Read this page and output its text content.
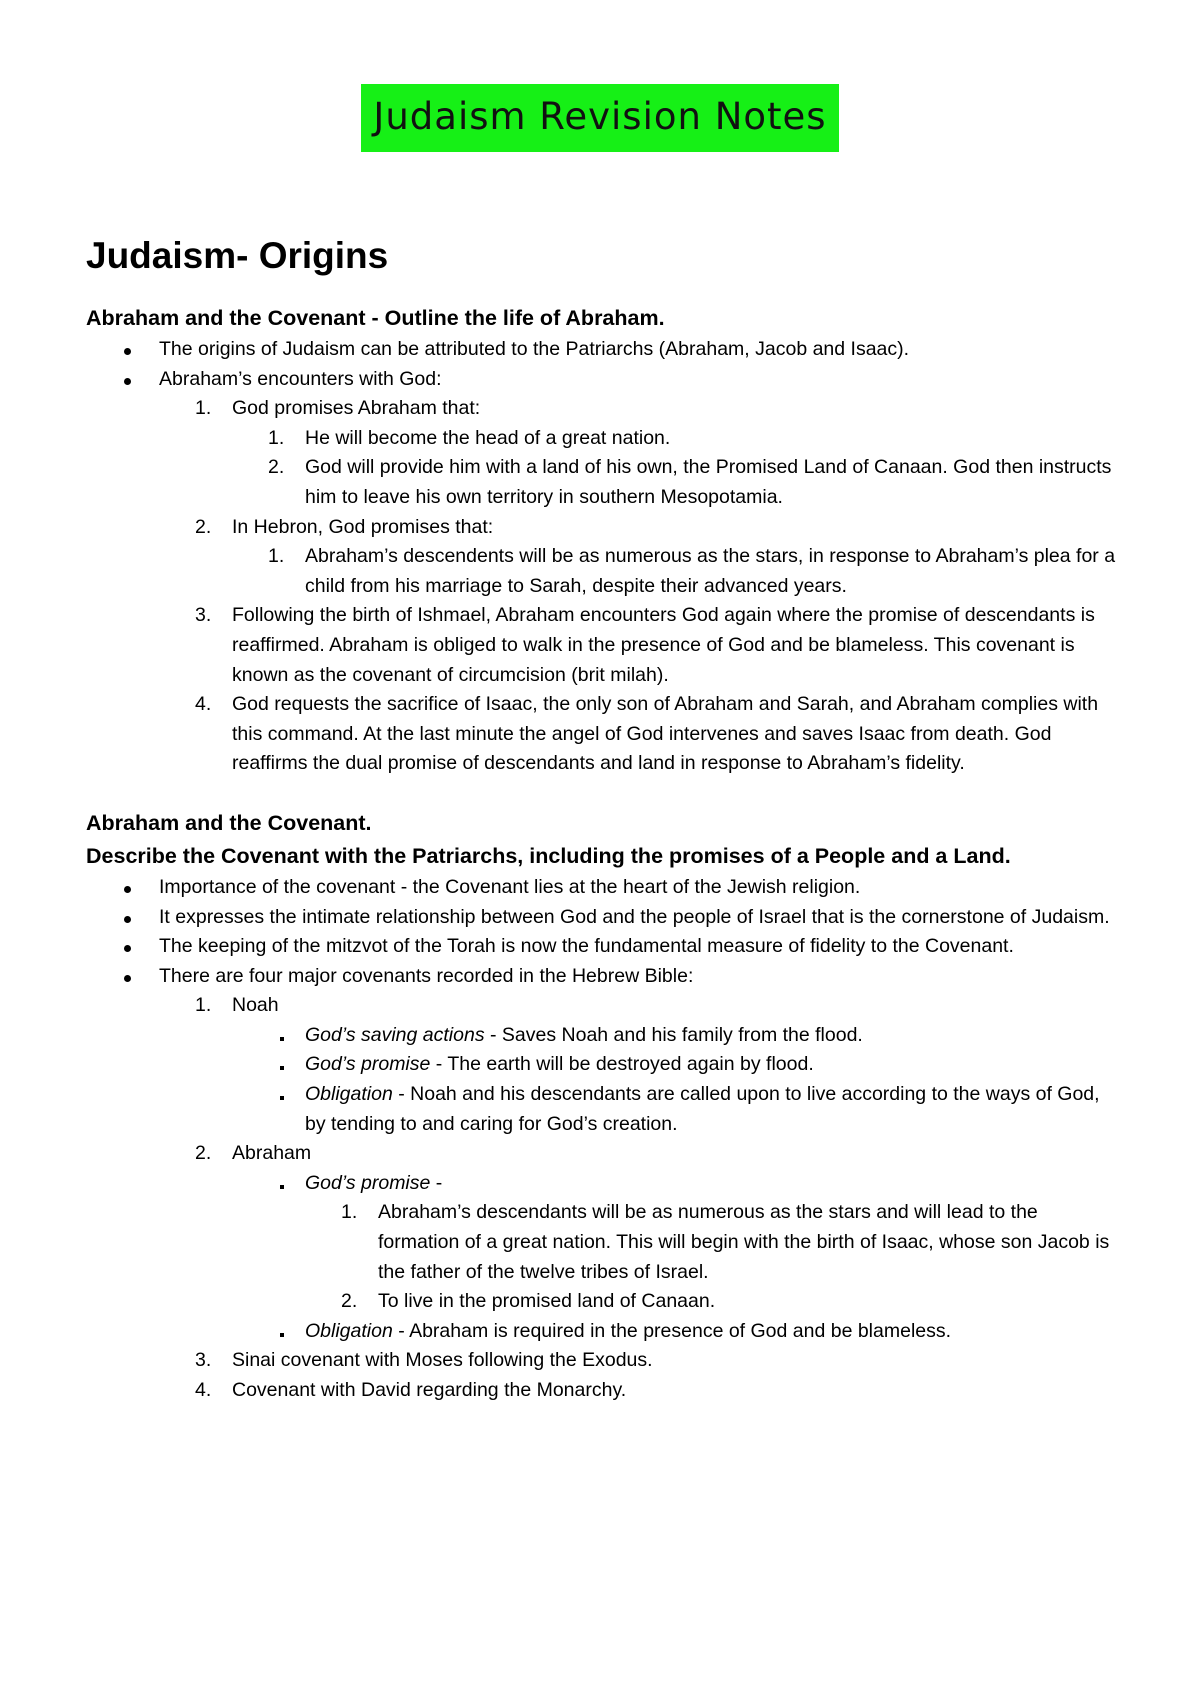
Judaism Revision Notes
Judaism- Origins
Abraham and the Covenant - Outline the life of Abraham.
The origins of Judaism can be attributed to the Patriarchs (Abraham, Jacob and Isaac).
Abraham’s encounters with God:
1. God promises Abraham that:
1. He will become the head of a great nation.
2. God will provide him with a land of his own, the Promised Land of Canaan. God then instructs him to leave his own territory in southern Mesopotamia.
2. In Hebron, God promises that:
1. Abraham’s descendents will be as numerous as the stars, in response to Abraham’s plea for a child from his marriage to Sarah, despite their advanced years.
3. Following the birth of Ishmael, Abraham encounters God again where the promise of descendants is reaffirmed. Abraham is obliged to walk in the presence of God and be blameless. This covenant is known as the covenant of circumcision (brit milah).
4. God requests the sacrifice of Isaac, the only son of Abraham and Sarah, and Abraham complies with this command. At the last minute the angel of God intervenes and saves Isaac from death. God reaffirms the dual promise of descendants and land in response to Abraham’s fidelity.
Abraham and the Covenant.
Describe the Covenant with the Patriarchs, including the promises of a People and a Land.
Importance of the covenant - the Covenant lies at the heart of the Jewish religion.
It expresses the intimate relationship between God and the people of Israel that is the cornerstone of Judaism.
The keeping of the mitzvot of the Torah is now the fundamental measure of fidelity to the Covenant.
There are four major covenants recorded in the Hebrew Bible:
1. Noah
God’s saving actions - Saves Noah and his family from the flood.
God’s promise - The earth will be destroyed again by flood.
Obligation - Noah and his descendants are called upon to live according to the ways of God, by tending to and caring for God’s creation.
2. Abraham
God’s promise -
1. Abraham’s descendants will be as numerous as the stars and will lead to the formation of a great nation. This will begin with the birth of Isaac, whose son Jacob is the father of the twelve tribes of Israel.
2. To live in the promised land of Canaan.
Obligation - Abraham is required in the presence of God and be blameless.
3. Sinai covenant with Moses following the Exodus.
4. Covenant with David regarding the Monarchy.
